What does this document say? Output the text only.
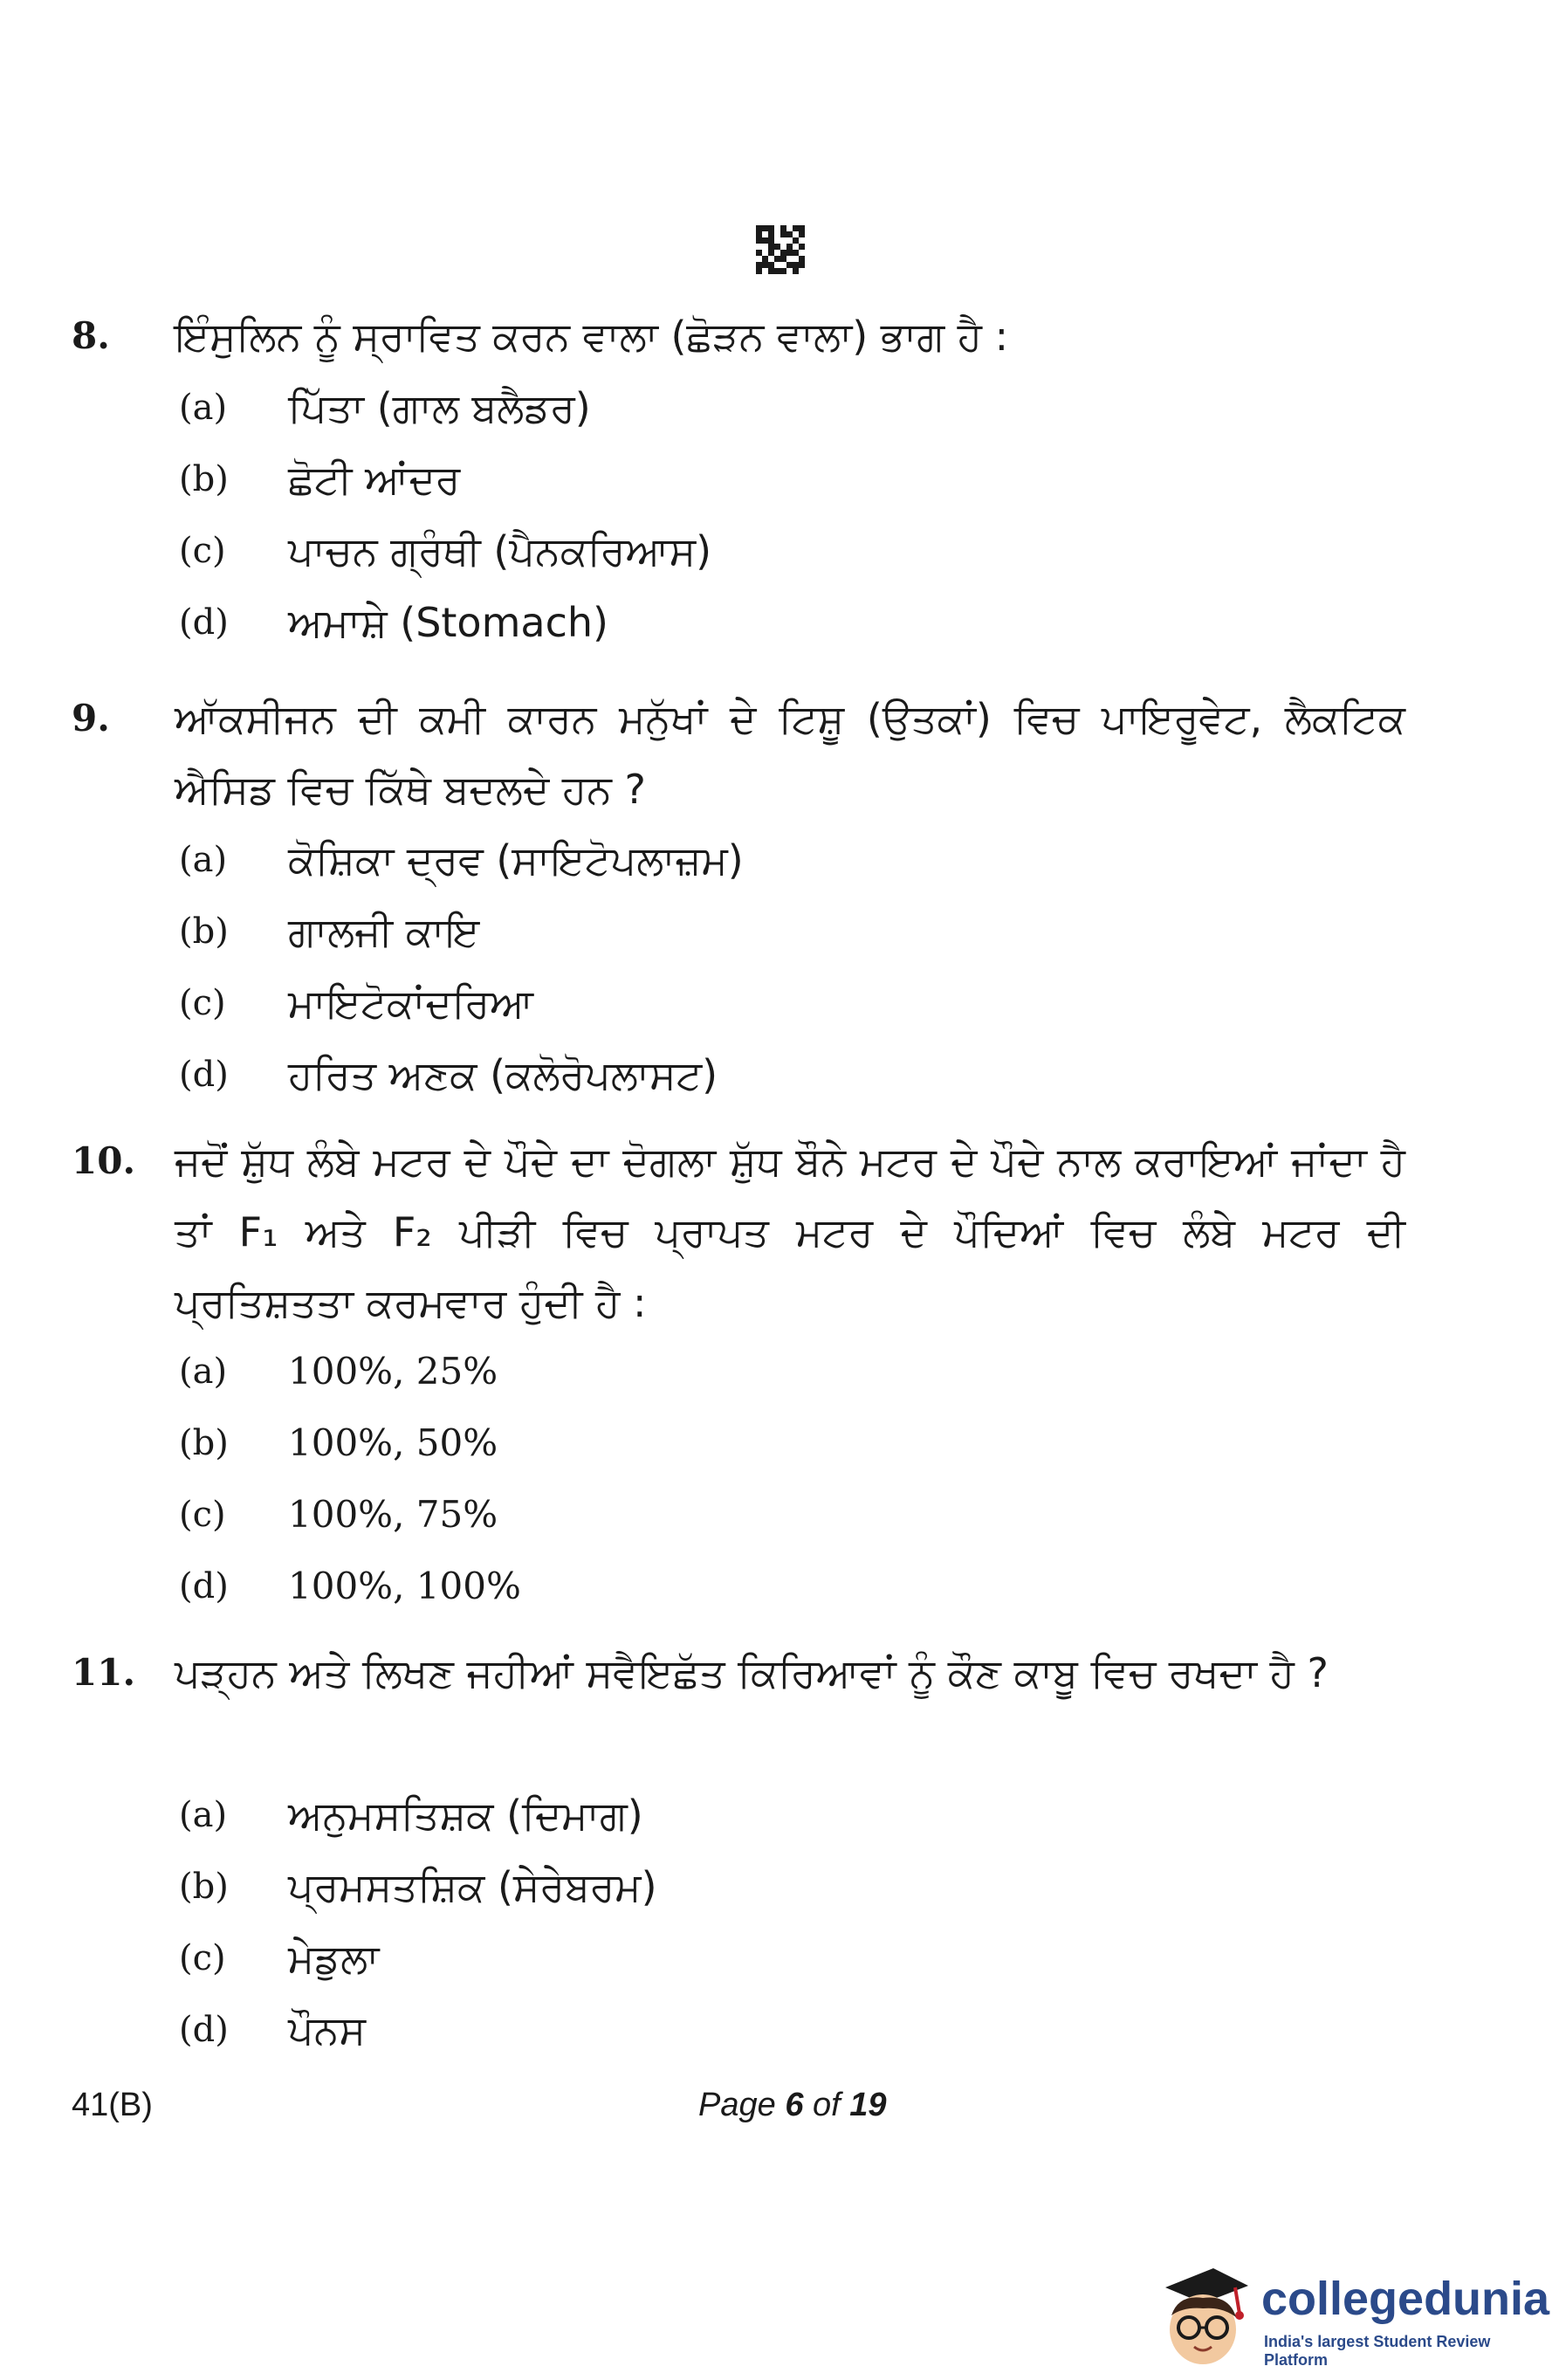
8. ਇੰਸੁਲਿਨ ਨੂੰ ਸ੍ਰਾਵਿਤ ਕਰਨ ਵਾਲਾ (ਛੋੜਨ ਵਾਲਾ) ਭਾਗ ਹੈ :
(a) ਪਿੱਤਾ (ਗਾਲ ਬਲੈਡਰ)
(b) ਛੋਟੀ ਆਂਦਰ
(c) ਪਾਚਨ ਗ੍ਰੰਥੀ (ਪੈਨਕਰਿਆਸ)
(d) ਅਮਾਸ਼ੇ (Stomach)
9. ਆੱਕਸੀਜਨ ਦੀ ਕਮੀ ਕਾਰਨ ਮਨੁੱਖਾਂ ਦੇ ਟਿਸ਼ੂ (ਉਤਕਾਂ) ਵਿਚ ਪਾਇਰੂਵੇਟ, ਲੈਕਟਿਕ ਐਸਿਡ ਵਿਚ ਕਿੱਥੇ ਬਦਲਦੇ ਹਨ ?
(a) ਕੋਸ਼ਿਕਾ ਦ੍ਰਵ (ਸਾਇਟੋਪਲਾਜ਼ਮ)
(b) ਗਾਲਜੀ ਕਾਇ
(c) ਮਾਇਟੋਕਾਂਦਰਿਆ
(d) ਹਰਿਤ ਅਣਕ (ਕਲੋਰੋਪਲਾਸਟ)
10. ਜਦੋਂ ਸ਼ੁੱਧ ਲੰਬੇ ਮਟਰ ਦੇ ਪੌਦੇ ਦਾ ਦੋਗਲਾ ਸ਼ੁੱਧ ਬੌਨੇ ਮਟਰ ਦੇ ਪੌਦੇ ਨਾਲ ਕਰਾਇਆਂ ਜਾਂਦਾ ਹੈ ਤਾਂ F₁ ਅਤੇ F₂ ਪੀੜੀ ਵਿਚ ਪ੍ਰਾਪਤ ਮਟਰ ਦੇ ਪੌਦਿਆਂ ਵਿਚ ਲੰਬੇ ਮਟਰ ਦੀ ਪ੍ਰਤਿਸ਼ਤਤਾ ਕਰਮਵਾਰ ਹੁੰਦੀ ਹੈ :
(a) 100%, 25%
(b) 100%, 50%
(c) 100%, 75%
(d) 100%, 100%
11. ਪੜ੍ਹਨ ਅਤੇ ਲਿਖਣ ਜਹੀਆਂ ਸਵੈਇਛੱਤ ਕਿਰਿਆਵਾਂ ਨੂੰ ਕੌਣ ਕਾਬੂ ਵਿਚ ਰਖਦਾ ਹੈ ?
(a) ਅਨੁਮਸਤਿਸ਼ਕ (ਦਿਮਾਗ)
(b) ਪ੍ਰਮਸਤਸ਼ਿਕ (ਸੇਰੇਬਰਮ)
(c) ਮੇਡੁਲਾ
(d) ਪੌਨਸ
41(B)	Page 6 of 19
collegedunia
India's largest Student Review Platform
